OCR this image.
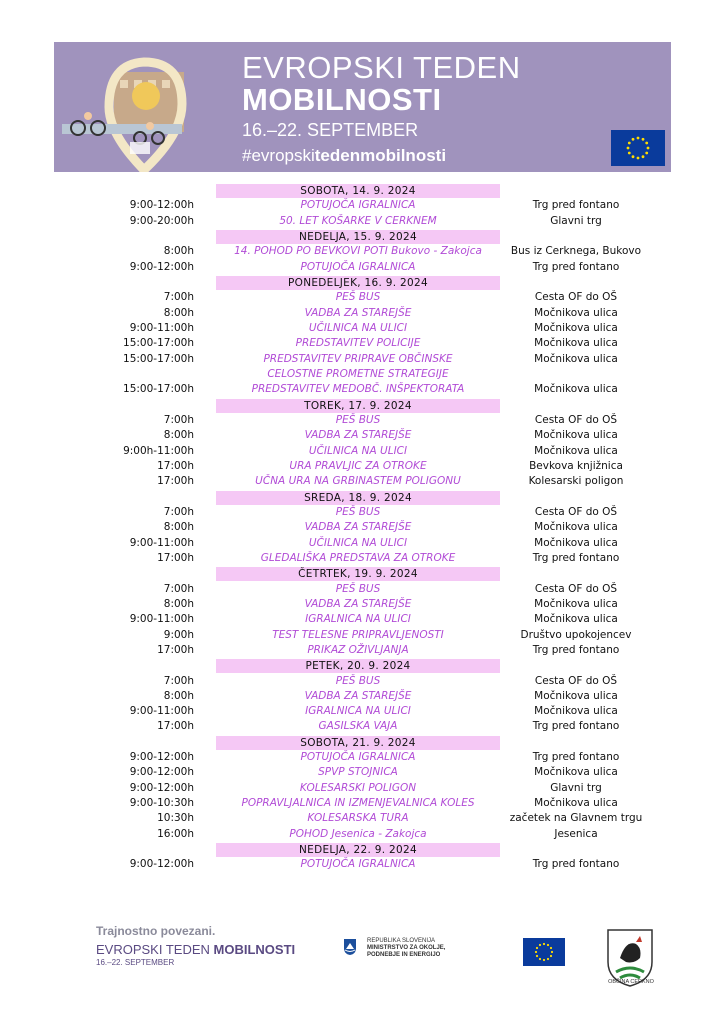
EVROPSKI TEDEN
MOBILNOSTI
16.–22. SEPTEMBER
#evropskitedenmobilnosti
SOBOTA, 14. 9. 2024
9:00-12:00h	POTUJOČA IGRALNICA	Trg pred fontano
9:00-20:00h	50. LET KOŠARKE V CERKNEM	Glavni trg
NEDELJA, 15. 9. 2024
8:00h	14. POHOD PO BEVKOVI POTI Bukovo - Zakojca	Bus iz Cerknega, Bukovo
9:00-12:00h	POTUJOČA IGRALNICA	Trg pred fontano
PONEDELJEK, 16. 9. 2024
7:00h	PEŠ BUS	Cesta OF do OŠ
8:00h	VADBA ZA STAREJŠE	Močnikova ulica
9:00-11:00h	UČILNICA NA ULICI	Močnikova ulica
15:00-17:00h	PREDSTAVITEV POLICIJE	Močnikova ulica
15:00-17:00h	PREDSTAVITEV PRIPRAVE OBČINSKE	Močnikova ulica
CELOSTNE PROMETNE STRATEGIJE
15:00-17:00h	PREDSTAVITEV MEDOBČ. INŠPEKTORATA	Močnikova ulica
TOREK, 17. 9. 2024
7:00h	PEŠ BUS	Cesta OF do OŠ
8:00h	VADBA ZA STAREJŠE	Močnikova ulica
9:00h-11:00h	UČILNICA NA ULICI	Močnikova ulica
17:00h	URA PRAVLJIC ZA OTROKE	Bevkova knjižnica
17:00h	UČNA URA NA GRBINASTEM POLIGONU	Kolesarski poligon
SREDA, 18. 9. 2024
7:00h	PEŠ BUS	Cesta OF do OŠ
8:00h	VADBA ZA STAREJŠE	Močnikova ulica
9:00-11:00h	UČILNICA NA ULICI	Močnikova ulica
17:00h	GLEDALIŠKA PREDSTAVA ZA OTROKE	Trg pred fontano
ČETRTEK, 19. 9. 2024
7:00h	PEŠ BUS	Cesta OF do OŠ
8:00h	VADBA ZA STAREJŠE	Močnikova ulica
9:00-11:00h	IGRALNICA NA ULICI	Močnikova ulica
9:00h	TEST TELESNE PRIPRAVLJENOSTI	Društvo upokojencev
17:00h	PRIKAZ OŽIVLJANJA	Trg pred fontano
PETEK, 20. 9. 2024
7:00h	PEŠ BUS	Cesta OF do OŠ
8:00h	VADBA ZA STAREJŠE	Močnikova ulica
9:00-11:00h	IGRALNICA NA ULICI	Močnikova ulica
17:00h	GASILSKA VAJA	Trg pred fontano
SOBOTA, 21. 9. 2024
9:00-12:00h	POTUJOČA IGRALNICA	Trg pred fontano
9:00-12:00h	SPVP STOJNICA	Močnikova ulica
9:00-12:00h	KOLESARSKI POLIGON	Glavni trg
9:00-10:30h	POPRAVLJALNICA IN IZMENJEVALNICA KOLES	Močnikova ulica
10:30h	KOLESARSKA TURA	začetek na Glavnem trgu
16:00h	POHOD Jesenica - Zakojca	Jesenica
NEDELJA, 22. 9. 2024
9:00-12:00h	POTUJOČA IGRALNICA	Trg pred fontano
Trajnostno povezani.
EVROPSKI TEDEN MOBILNOSTI
16.–22. SEPTEMBER
REPUBLIKA SLOVENIJA
MINISTRSTVO ZA OKOLJE,
PODNEBJE IN ENERGIJO
OBČINA CERKNO
